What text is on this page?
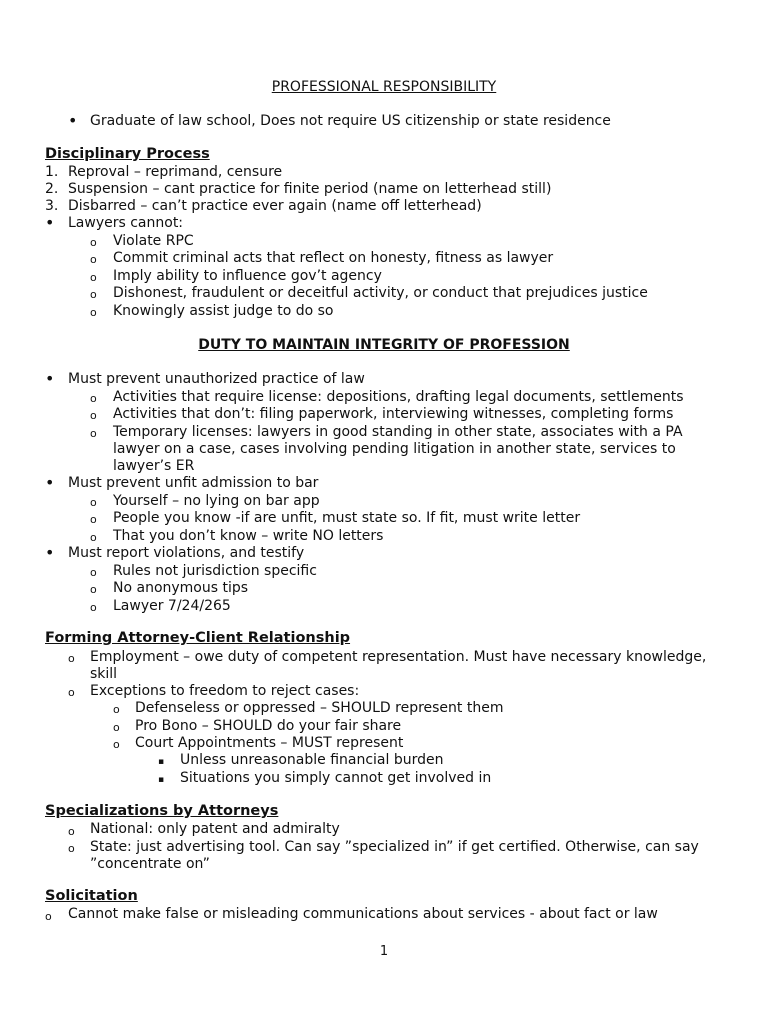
PROFESSIONAL RESPONSIBILITY
• Graduate of law school, Does not require US citizenship or state residence
Disciplinary Process
1. Reproval – reprimand, censure
2. Suspension – cant practice for finite period (name on letterhead still)
3. Disbarred – can’t practice ever again (name off letterhead)
• Lawyers cannot:
o Violate RPC
o Commit criminal acts that reflect on honesty, fitness as lawyer
o Imply ability to influence gov’t agency
o Dishonest, fraudulent or deceitful activity, or conduct that prejudices justice
o Knowingly assist judge to do so
DUTY TO MAINTAIN INTEGRITY OF PROFESSION
• Must prevent unauthorized practice of law
o Activities that require license: depositions, drafting legal documents, settlements
o Activities that don’t: filing paperwork, interviewing witnesses, completing forms
o Temporary licenses: lawyers in good standing in other state, associates with a PA
lawyer on a case, cases involving pending litigation in another state, services to
lawyer’s ER
• Must prevent unfit admission to bar
o Yourself – no lying on bar app
o People you know -if are unfit, must state so. If fit, must write letter
o That you don’t know – write NO letters
• Must report violations, and testify
o Rules not jurisdiction specific
o No anonymous tips
o Lawyer 7/24/265
Forming Attorney-Client Relationship
o Employment – owe duty of competent representation. Must have necessary knowledge,
skill
o Exceptions to freedom to reject cases:
o Defenseless or oppressed – SHOULD represent them
o Pro Bono – SHOULD do your fair share
o Court Appointments – MUST represent
▪ Unless unreasonable financial burden
▪ Situations you simply cannot get involved in
Specializations by Attorneys
o National: only patent and admiralty
o State: just advertising tool. Can say ”specialized in” if get certified. Otherwise, can say
”concentrate on”
Solicitation
o Cannot make false or misleading communications about services - about fact or law
1
